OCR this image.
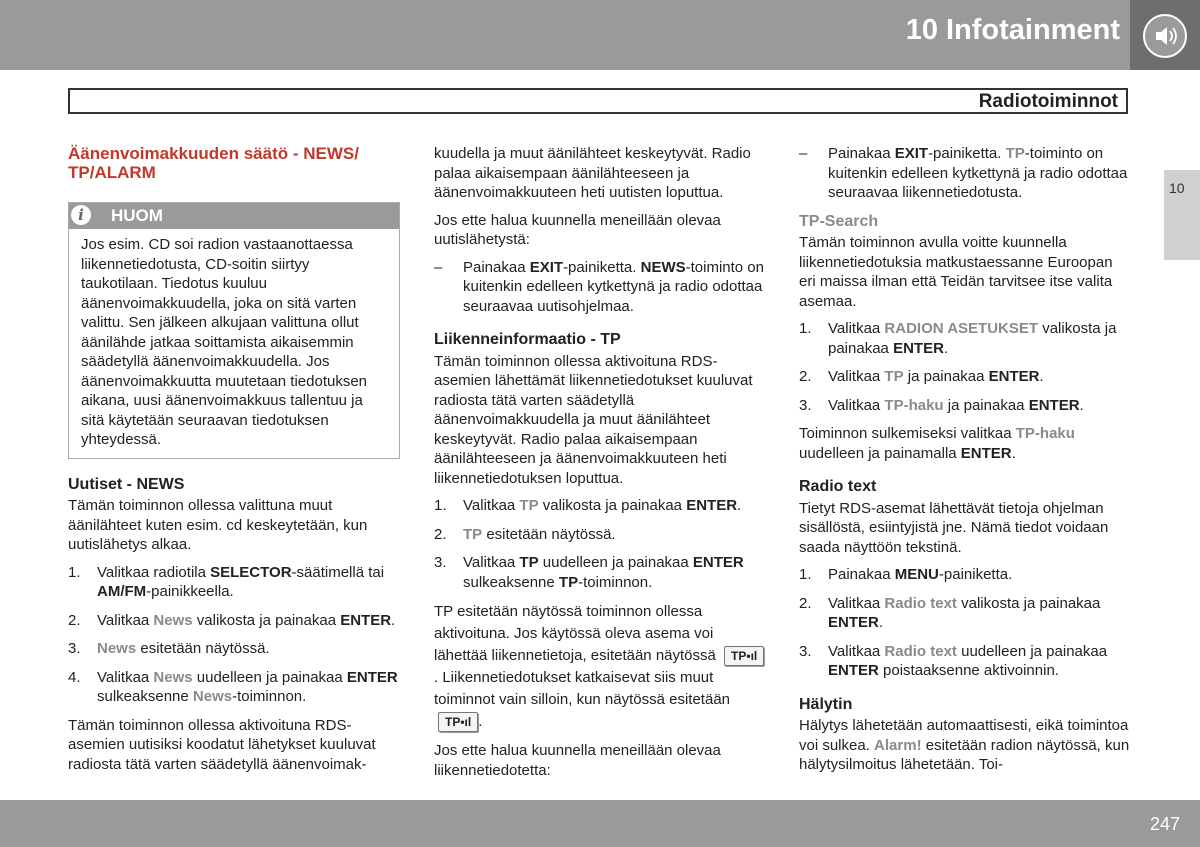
10 Infotainment
Radiotoiminnot
10
Äänenvoimakkuuden säätö - NEWS/ TP/ALARM
i	HUOM
Jos esim. CD soi radion vastaanottaessa liikennetiedotusta, CD-soitin siirtyy taukotilaan. Tiedotus kuuluu äänenvoimakkuudella, joka on sitä varten valittu. Sen jälkeen alkujaan valittuna ollut äänilähde jatkaa soittamista aikaisemmin säädetyllä äänenvoimakkuudella. Jos äänenvoimakkuutta muutetaan tiedotuksen aikana, uusi äänenvoimakkuus tallentuu ja sitä käytetään seuraavan tiedotuksen yhteydessä.
Uutiset - NEWS

Tämän toiminnon ollessa valittuna muut äänilähteet kuten esim. cd keskeytetään, kun uutislähetys alkaa.

1.	Valitkaa radiotila SELECTOR-säätimellä tai AM/FM-painikkeella.
2.	Valitkaa News valikosta ja painakaa ENTER.
3.	News esitetään näytössä.
4.	Valitkaa News uudelleen ja painakaa ENTER sulkeaksenne News-toiminnon.

Tämän toiminnon ollessa aktivoituna RDS-asemien uutisiksi koodatut lähetykset kuuluvat radiosta tätä varten säädetyllä äänenvoimak-

kuudella ja muut äänilähteet keskeytyvät. Radio palaa aikaisempaan äänilähteeseen ja äänenvoimakkuuteen heti uutisten loputtua.

Jos ette halua kuunnella meneillään olevaa uutislähetystä:

–	Painakaa EXIT-painiketta. NEWS-toiminto on kuitenkin edelleen kytkettynä ja radio odottaa seuraavaa uutisohjelmaa.
Liikenneinformaatio - TP

Tämän toiminnon ollessa aktivoituna RDS-asemien lähettämät liikennetiedotukset kuuluvat radiosta tätä varten säädetyllä äänenvoimakkuudella ja muut äänilähteet keskeytyvät. Radio palaa aikaisempaan äänilähteeseen ja äänenvoimakkuuteen heti liikennetiedotuksen loputtua.

1.	Valitkaa TP valikosta ja painakaa ENTER.
2.	TP esitetään näytössä.
3.	Valitkaa TP uudelleen ja painakaa ENTER sulkeaksenne TP-toiminnon.

TP esitetään näytössä toiminnon ollessa aktivoituna. Jos käytössä oleva asema voi lähettää liikennetietoja, esitetään näytössä TP•ıl. Liikennetiedotukset katkaisevat siis muut toiminnot vain silloin, kun näytössä esitetään TP•ıl .

Jos ette halua kuunnella meneillään olevaa liikennetiedotetta:

–	Painakaa EXIT-painiketta. TP-toiminto on kuitenkin edelleen kytkettynä ja radio odottaa seuraavaa liikennetiedotusta.
TP-Search

Tämän toiminnon avulla voitte kuunnella liikennetiedotuksia matkustaessanne Euroopan eri maissa ilman että Teidän tarvitsee itse valita asemaa.

1.	Valitkaa RADION ASETUKSET valikosta ja painakaa ENTER.
2.	Valitkaa TP ja painakaa ENTER.
3.	Valitkaa TP-haku ja painakaa ENTER.

Toiminnon sulkemiseksi valitkaa TP-haku uudelleen ja painamalla ENTER.

Radio text

Tietyt RDS-asemat lähettävät tietoja ohjelman sisällöstä, esiintyjistä jne. Nämä tiedot voidaan saada näyttöön tekstinä.

1.	Painakaa MENU-painiketta.
2.	Valitkaa Radio text valikosta ja painakaa ENTER.
3.	Valitkaa Radio text uudelleen ja painakaa ENTER poistaaksenne aktivoinnin.
Hälytin

Hälytys lähetetään automaattisesti, eikä toimintoa voi sulkea. Alarm! esitetään radion näytössä, kun hälytysilmoitus lähetetään. Toi-

247
